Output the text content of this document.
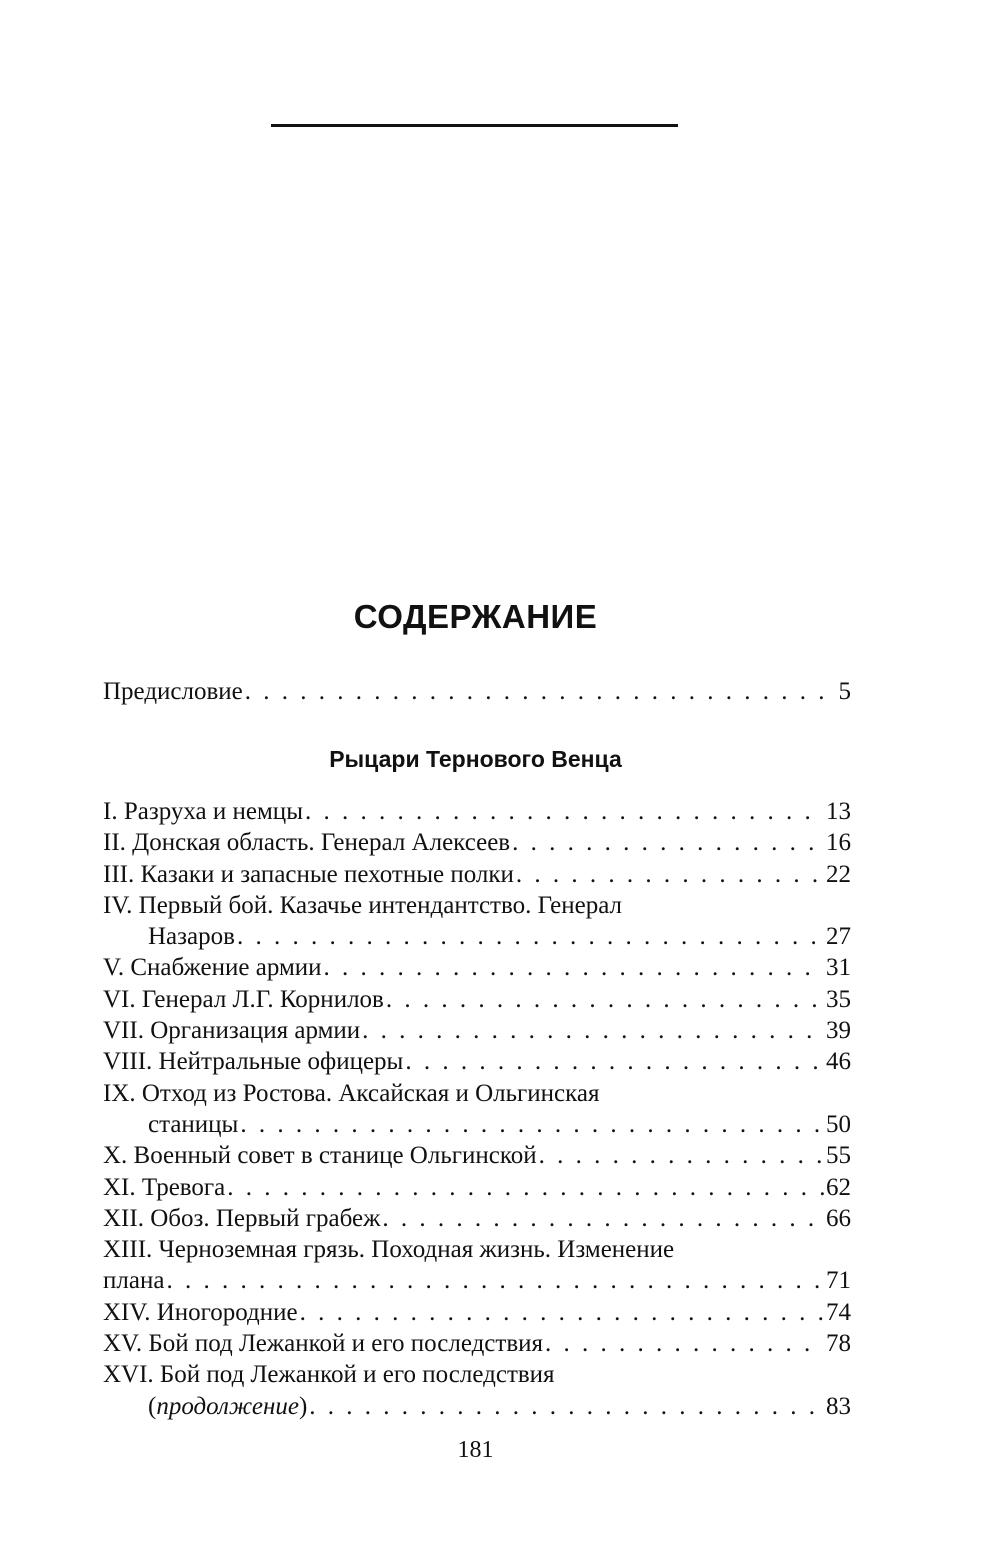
СОДЕРЖАНИЕ
Предисловие . . .	5
Рыцари Тернового Венца
I. Разруха и немцы . . .	13
II. Донская область. Генерал Алексеев . . .	16
III. Казаки и запасные пехотные полки . . .	22
IV. Первый бой. Казачье интендантство. Генерал
Назаров . . .	27
V. Снабжение армии . . .	31
VI. Генерал Л.Г. Корнилов . . .	35
VII. Организация армии . . .	39
VIII. Нейтральные офицеры . . .	46
IX. Отход из Ростова. Аксайская и Ольгинская
станицы . . .	50
X. Военный совет в станице Ольгинской . . .	55
XI. Тревога . . .	62
XII. Обоз. Первый грабеж . . .	66
XIII. Черноземная грязь. Походная жизнь. Изменение
плана . . .	71
XIV. Иногородние . . .	74
XV. Бой под Лежанкой и его последствия . . .	78
XVI. Бой под Лежанкой и его последствия
(продолжение) . . .	83
181
